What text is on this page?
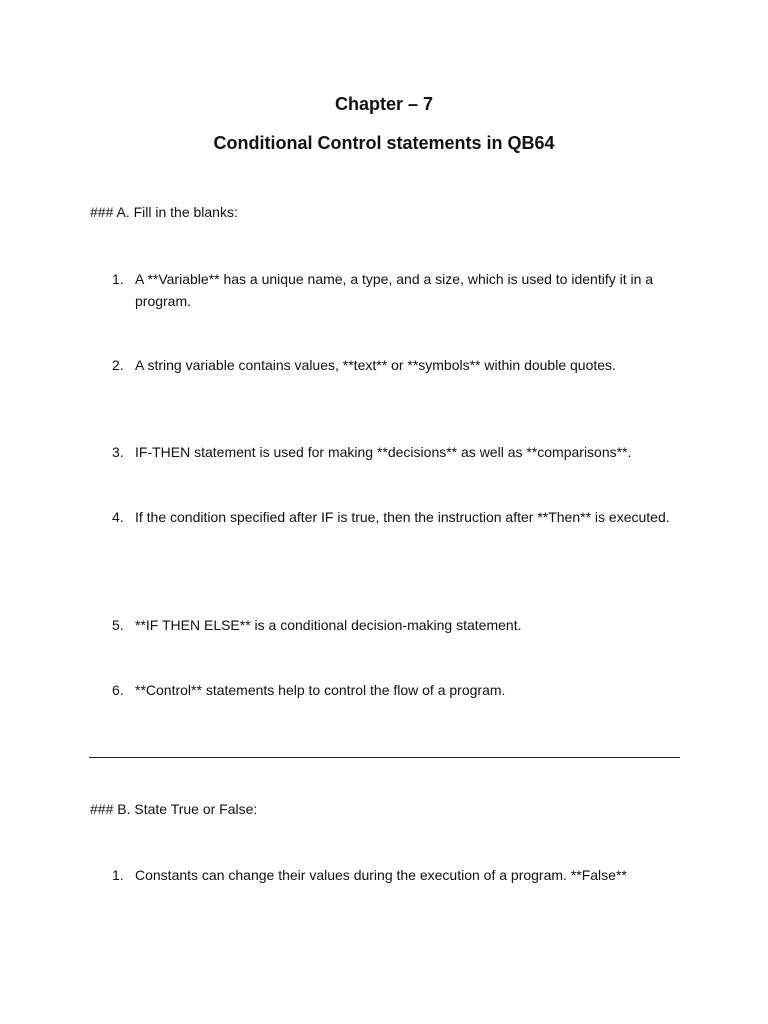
Chapter – 7
Conditional Control statements in QB64

### A. Fill in the blanks:

1. A **Variable** has a unique name, a type, and a size, which is used to identify it in a program.
2. A string variable contains values, **text** or **symbols** within double quotes.
3. IF-THEN statement is used for making **decisions** as well as **comparisons**.
4. If the condition specified after IF is true, then the instruction after **Then** is executed.
5. **IF THEN ELSE** is a conditional decision-making statement.
6. **Control** statements help to control the flow of a program.

### B. State True or False:

1. Constants can change their values during the execution of a program. **False**
